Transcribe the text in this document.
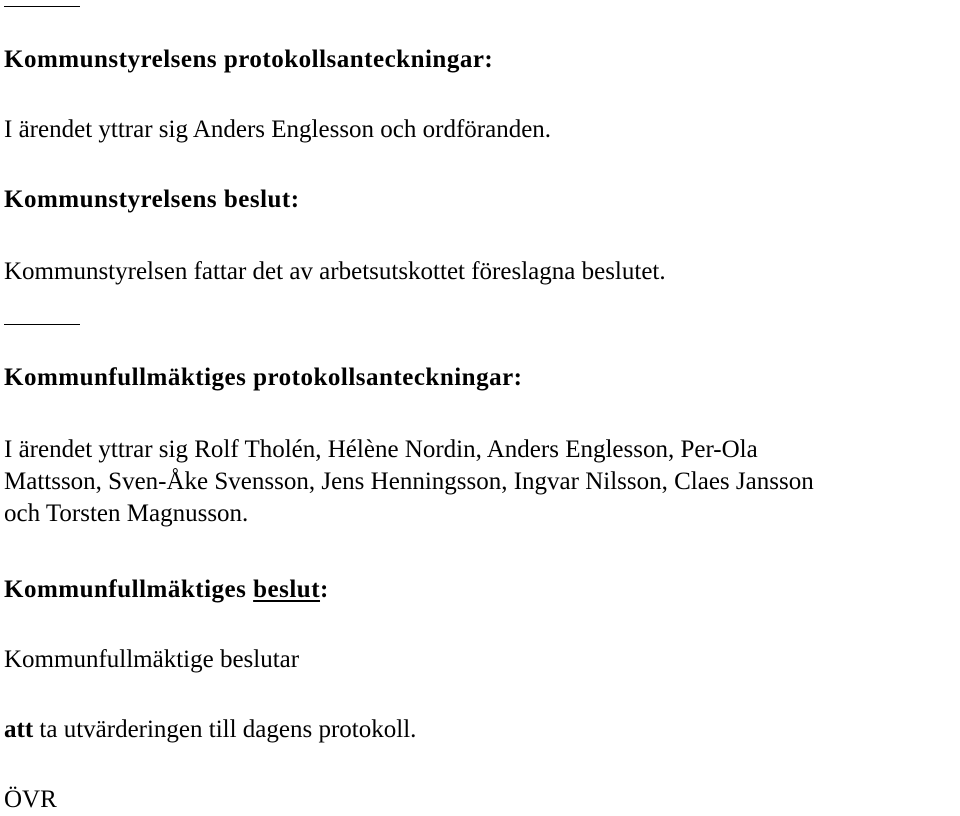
Kommunstyrelsens protokollsanteckningar:
I ärendet yttrar sig Anders Englesson och ordföranden.
Kommunstyrelsens beslut:
Kommunstyrelsen fattar det av arbetsutskottet föreslagna beslutet.
Kommunfullmäktiges protokollsanteckningar:
I ärendet yttrar sig Rolf Tholén, Hélène Nordin, Anders Englesson, Per-Ola
Mattsson, Sven-Åke Svensson, Jens Henningsson, Ingvar Nilsson, Claes Jansson
och Torsten Magnusson.
Kommunfullmäktiges beslut:
Kommunfullmäktige beslutar
att ta utvärderingen till dagens protokoll.
ÖVR
